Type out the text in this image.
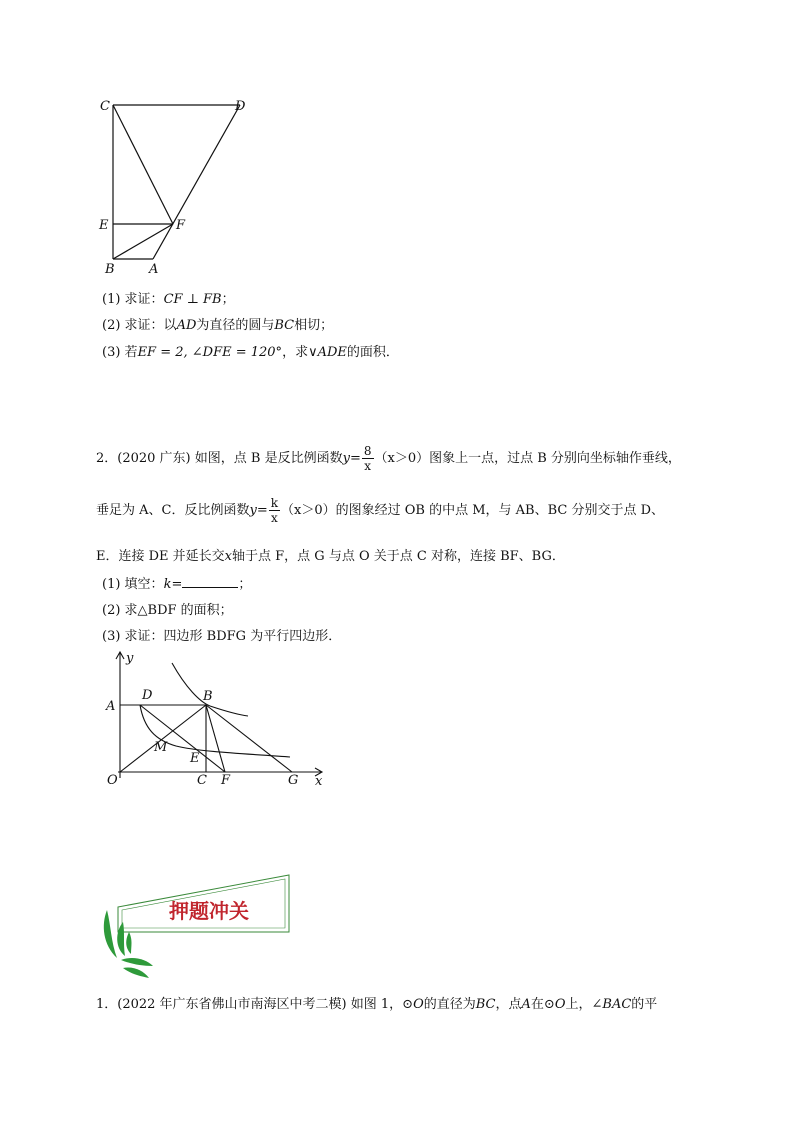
C	D
E	F
B	A
(1) 求证：CF ⊥ FB；
(2) 求证：以AD为直径的圆与BC相切；
(3) 若EF = 2, ∠DFE = 120°，求∨ADE的面积．
2．(2020 广东) 如图，点 B 是反比例函数$y= \frac{8}{x} (x>0)$图象上一点，过点 B 分别向坐标轴作垂线，
垂足为 A、C．反比例函数$y= \frac{k}{x} (x>0)$的图象经过 OB 的中点 M，与 AB、BC 分别交于点 D、
E．连接 DE 并延长交x轴于点 F，点 G 与点 O 关于点 C 对称，连接 BF、BG．
(1) 填空：k=	；
(2) 求△BDF 的面积；
(3) 求证：四边形 BDFG 为平行四边形．
y
x
O
A
B
C
D
E
F	G
M
押题冲关
1．(2022 年广东省佛山市南海区中考二模) 如图 1，⊙O的直径为BC，点A在⊙O上，∠BAC的平
